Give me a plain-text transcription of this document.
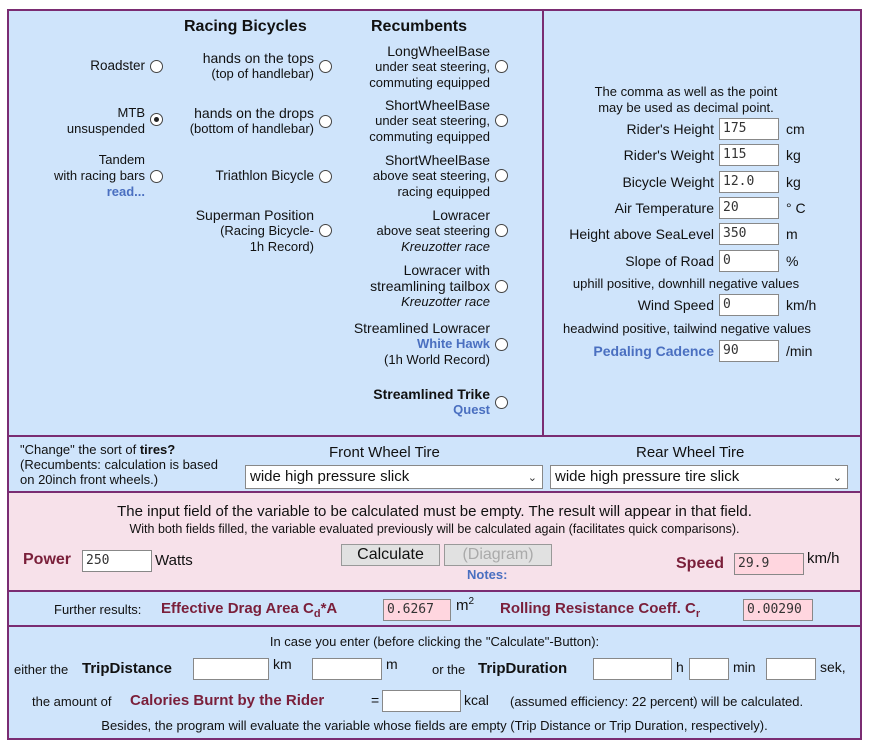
Racing Bicycles	Recumbents
Roadster
MTB
unsuspended
Tandem
with racing bars
read...
hands on the tops
(top of handlebar)
hands on the drops
(bottom of handlebar)
Triathlon Bicycle
Superman Position
(Racing Bicycle-
1h Record)
LongWheelBase
under seat steering,
commuting equipped
ShortWheelBase
under seat steering,
commuting equipped
ShortWheelBase
above seat steering,
racing equipped
Lowracer
above seat steering
Kreuzotter race
Lowracer with
streamlining tailbox
Kreuzotter race
Streamlined Lowracer
White Hawk
(1h World Record)
Streamlined Trike
Quest
The comma as well as the point
may be used as decimal point.
Rider's Height 175	cm
Rider's Weight 115	kg
Bicycle Weight 12.0	kg
Air Temperature 20	° C
Height above SeaLevel 350	m
Slope of Road 0	%
uphill positive, downhill negative values
Wind Speed 0	km/h
headwind positive, tailwind negative values
Pedaling Cadence 90	/min
"Change" the sort of tires?
(Recumbents: calculation is based
on 20inch front wheels.)
Front Wheel Tire	Rear Wheel Tire
wide high pressure slick	⌄	wide high pressure tire slick	⌄
The input field of the variable to be calculated must be empty. The result will appear in that field.
With both fields filled, the variable evaluated previously will be calculated again (facilitates quick comparisons).
Power	250	Watts	Calculate	(Diagram)
Notes:
Speed	29.9	km/h
Further results: Effective Drag Area $C_d*A$	0.6267	$m^2$ Rolling Resistance Coeff. $C_r$	0.00290
In case you enter (before clicking the "Calculate"-Button):
either the TripDistance	km	m	or the TripDuration	h	min	sek,
the amount of Calories Burnt by the Rider	=	kcal (assumed efficiency: 22 percent) will be calculated.
Besides, the program will evaluate the variable whose fields are empty (Trip Distance or Trip Duration, respectively).
